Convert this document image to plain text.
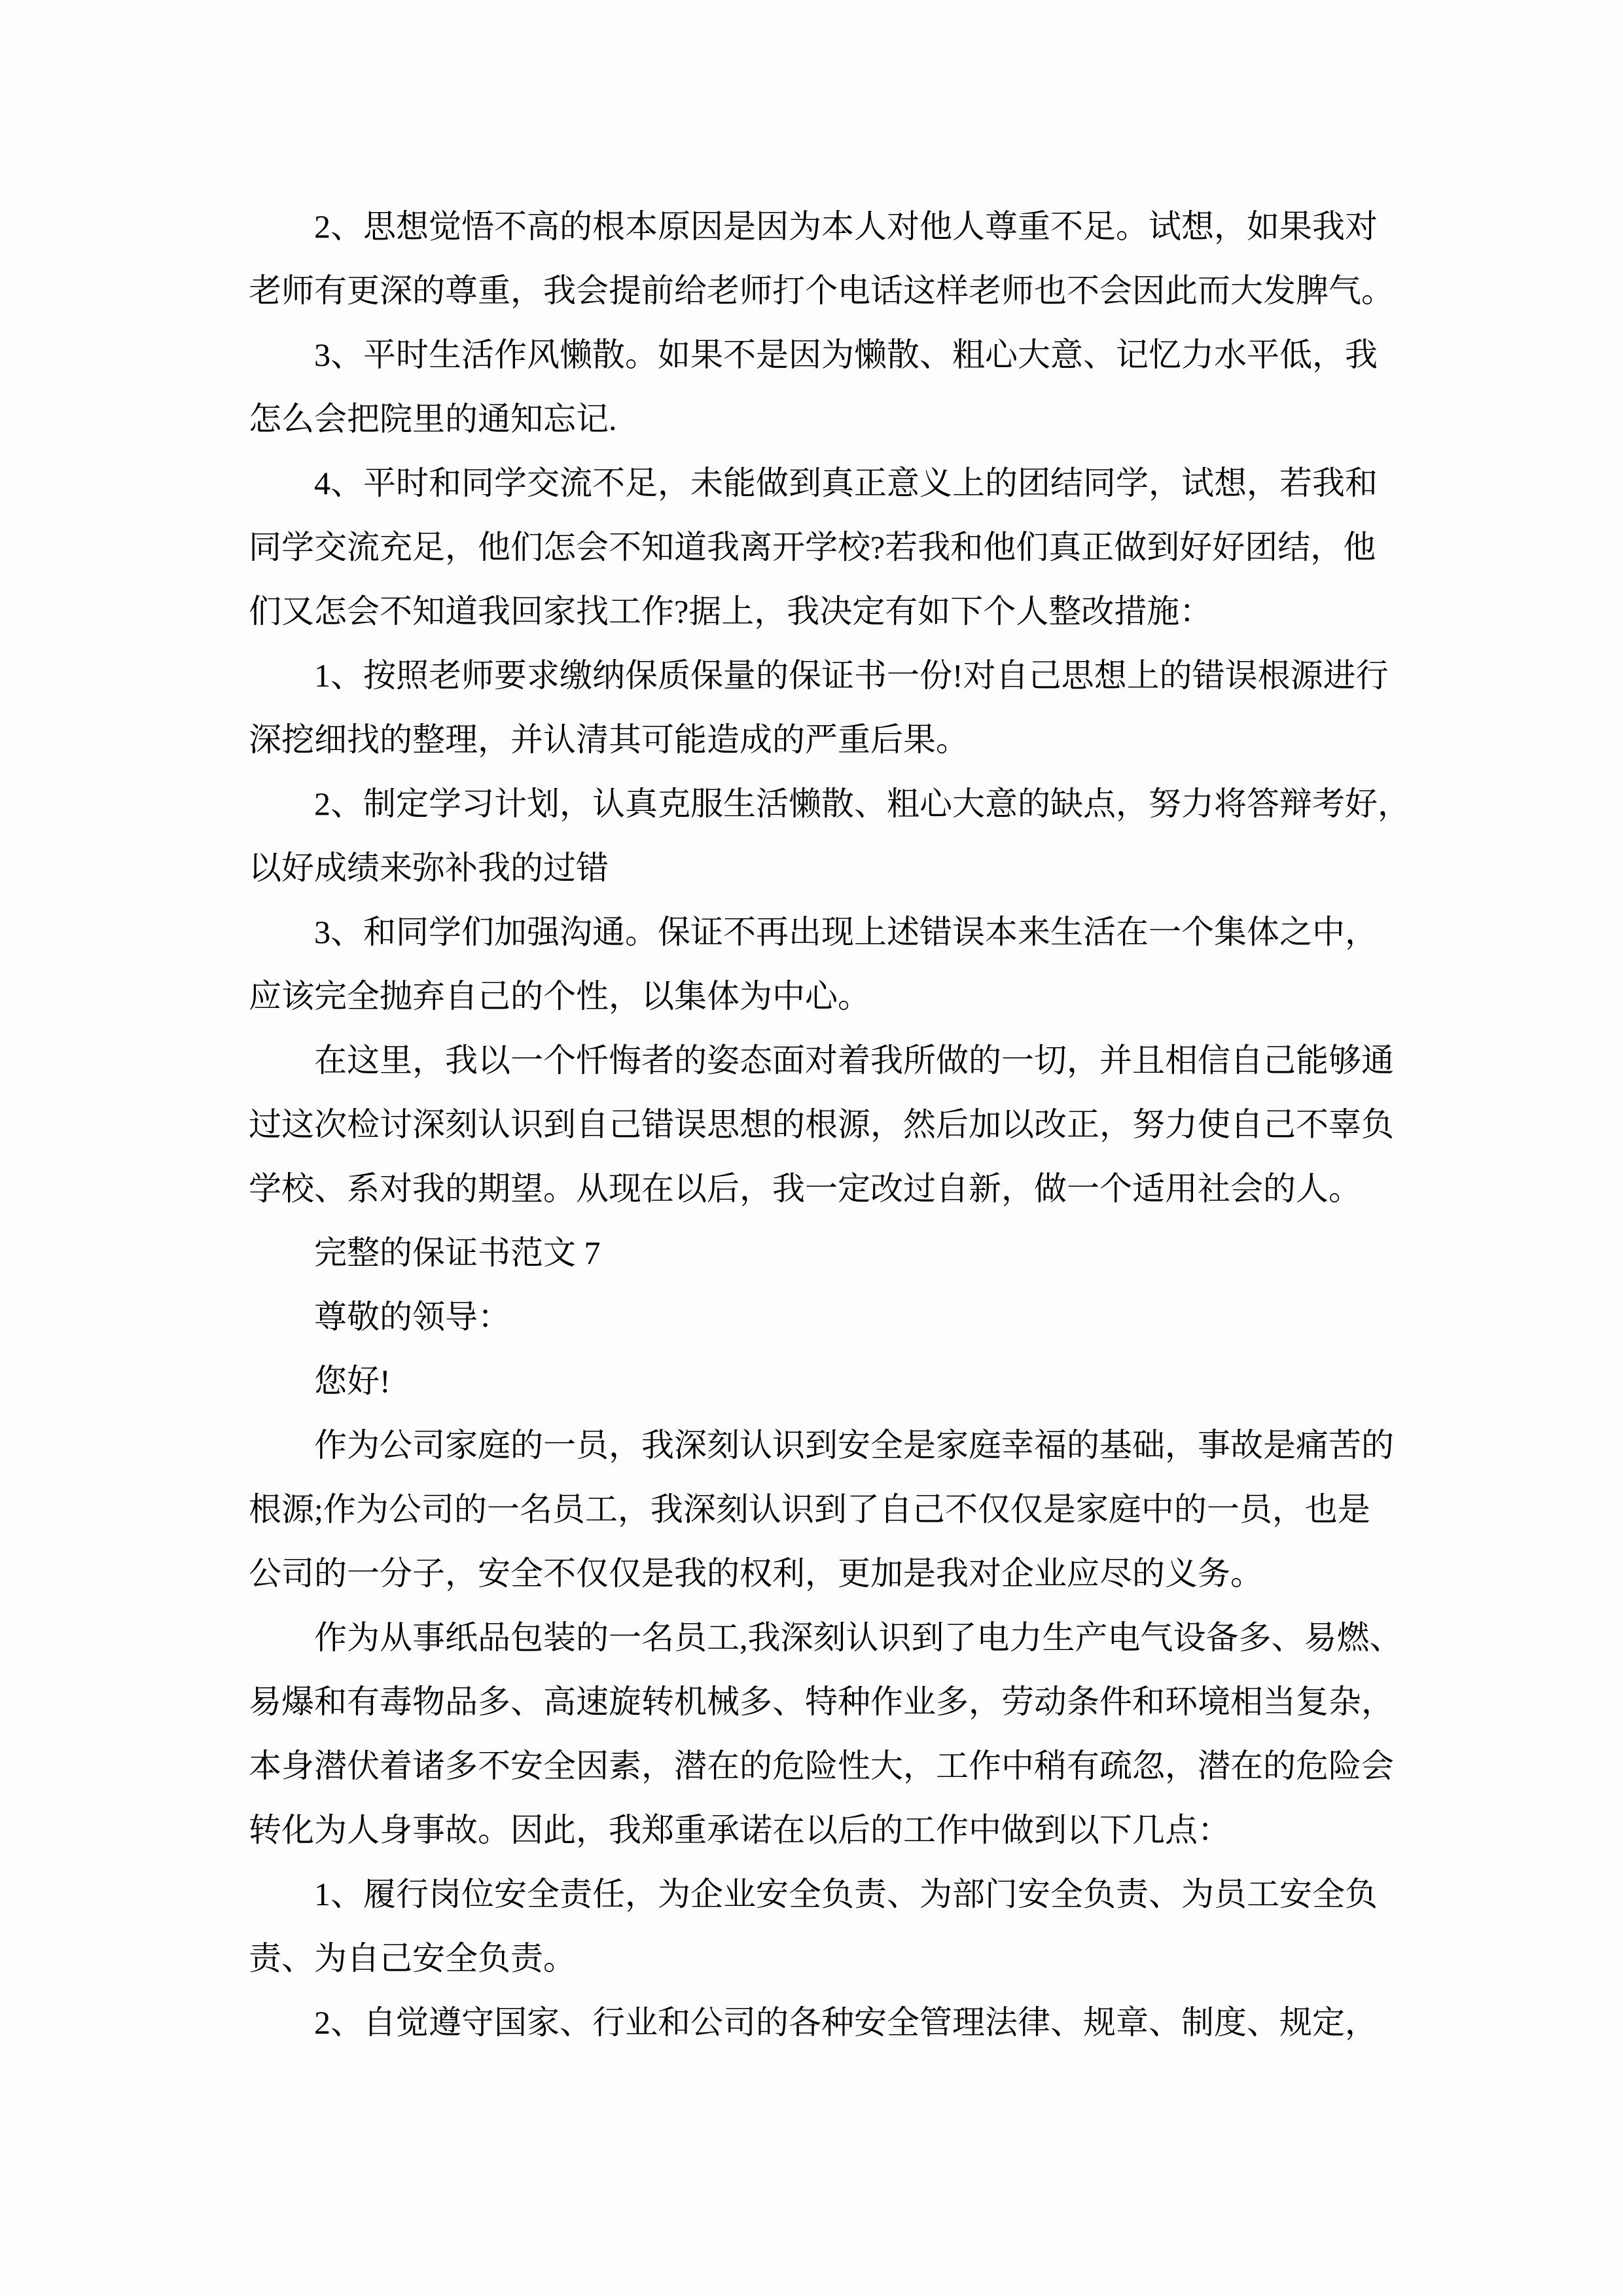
2、思想觉悟不高的根本原因是因为本人对他人尊重不足。试想，如果我对
老师有更深的尊重，我会提前给老师打个电话这样老师也不会因此而大发脾气。

3、平时生活作风懒散。如果不是因为懒散、粗心大意、记忆力水平低，我
怎么会把院里的通知忘记.

4、平时和同学交流不足，未能做到真正意义上的团结同学，试想，若我和
同学交流充足，他们怎会不知道我离开学校?若我和他们真正做到好好团结，他
们又怎会不知道我回家找工作?据上，我决定有如下个人整改措施：

1、按照老师要求缴纳保质保量的保证书一份!对自己思想上的错误根源进行
深挖细找的整理，并认清其可能造成的严重后果。

2、制定学习计划，认真克服生活懒散、粗心大意的缺点，努力将答辩考好，
以好成绩来弥补我的过错

3、和同学们加强沟通。保证不再出现上述错误本来生活在一个集体之中，
应该完全抛弃自己的个性，以集体为中心。

在这里，我以一个忏悔者的姿态面对着我所做的一切，并且相信自己能够通
过这次检讨深刻认识到自己错误思想的根源，然后加以改正，努力使自己不辜负
学校、系对我的期望。从现在以后，我一定改过自新，做一个适用社会的人。

完整的保证书范文 7

尊敬的领导：

您好!

作为公司家庭的一员，我深刻认识到安全是家庭幸福的基础，事故是痛苦的
根源;作为公司的一名员工，我深刻认识到了自己不仅仅是家庭中的一员，也是
公司的一分子，安全不仅仅是我的权利，更加是我对企业应尽的义务。

作为从事纸品包装的一名员工,我深刻认识到了电力生产电气设备多、易燃、
易爆和有毒物品多、高速旋转机械多、特种作业多，劳动条件和环境相当复杂，
本身潜伏着诸多不安全因素，潜在的危险性大，工作中稍有疏忽，潜在的危险会
转化为人身事故。因此，我郑重承诺在以后的工作中做到以下几点：

1、履行岗位安全责任，为企业安全负责、为部门安全负责、为员工安全负
责、为自己安全负责。

2、自觉遵守国家、行业和公司的各种安全管理法律、规章、制度、规定，
